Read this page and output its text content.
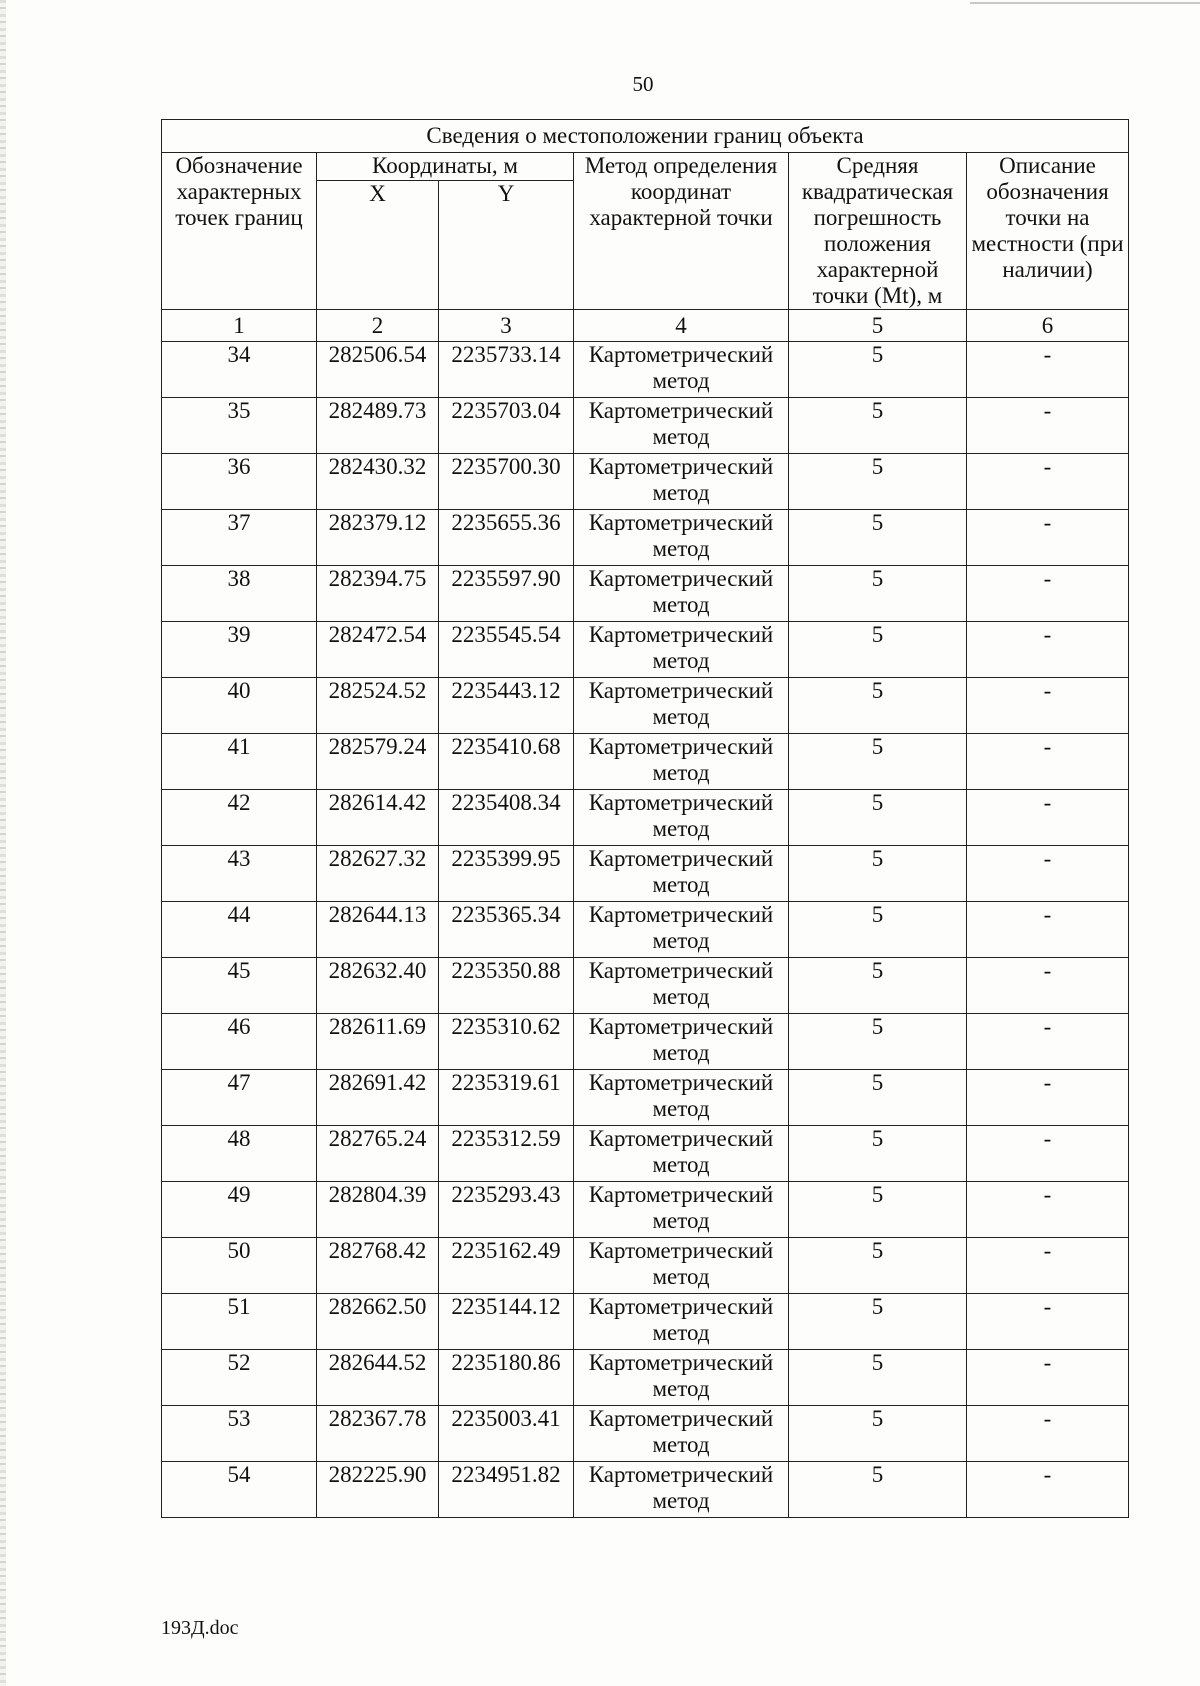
50
Сведения о местоположении границ объекта					
Обозначение характерных точек границ	Координаты, м		Метод определения координат характерной точки	Средняя квадратическая погрешность положения характерной точки (Mt), м	Описание обозначения точки на местности (при наличии)
	X	Y			
1	2	3	4	5	6
34	282506.54	2235733.14	Картометрический метод	5	-
35	282489.73	2235703.04	Картометрический метод	5	-
36	282430.32	2235700.30	Картометрический метод	5	-
37	282379.12	2235655.36	Картометрический метод	5	-
38	282394.75	2235597.90	Картометрический метод	5	-
39	282472.54	2235545.54	Картометрический метод	5	-
40	282524.52	2235443.12	Картометрический метод	5	-
41	282579.24	2235410.68	Картометрический метод	5	-
42	282614.42	2235408.34	Картометрический метод	5	-
43	282627.32	2235399.95	Картометрический метод	5	-
44	282644.13	2235365.34	Картометрический метод	5	-
45	282632.40	2235350.88	Картометрический метод	5	-
46	282611.69	2235310.62	Картометрический метод	5	-
47	282691.42	2235319.61	Картометрический метод	5	-
48	282765.24	2235312.59	Картометрический метод	5	-
49	282804.39	2235293.43	Картометрический метод	5	-
50	282768.42	2235162.49	Картометрический метод	5	-
51	282662.50	2235144.12	Картометрический метод	5	-
52	282644.52	2235180.86	Картометрический метод	5	-
53	282367.78	2235003.41	Картометрический метод	5	-
54	282225.90	2234951.82	Картометрический метод	5	-
193Д.doc
